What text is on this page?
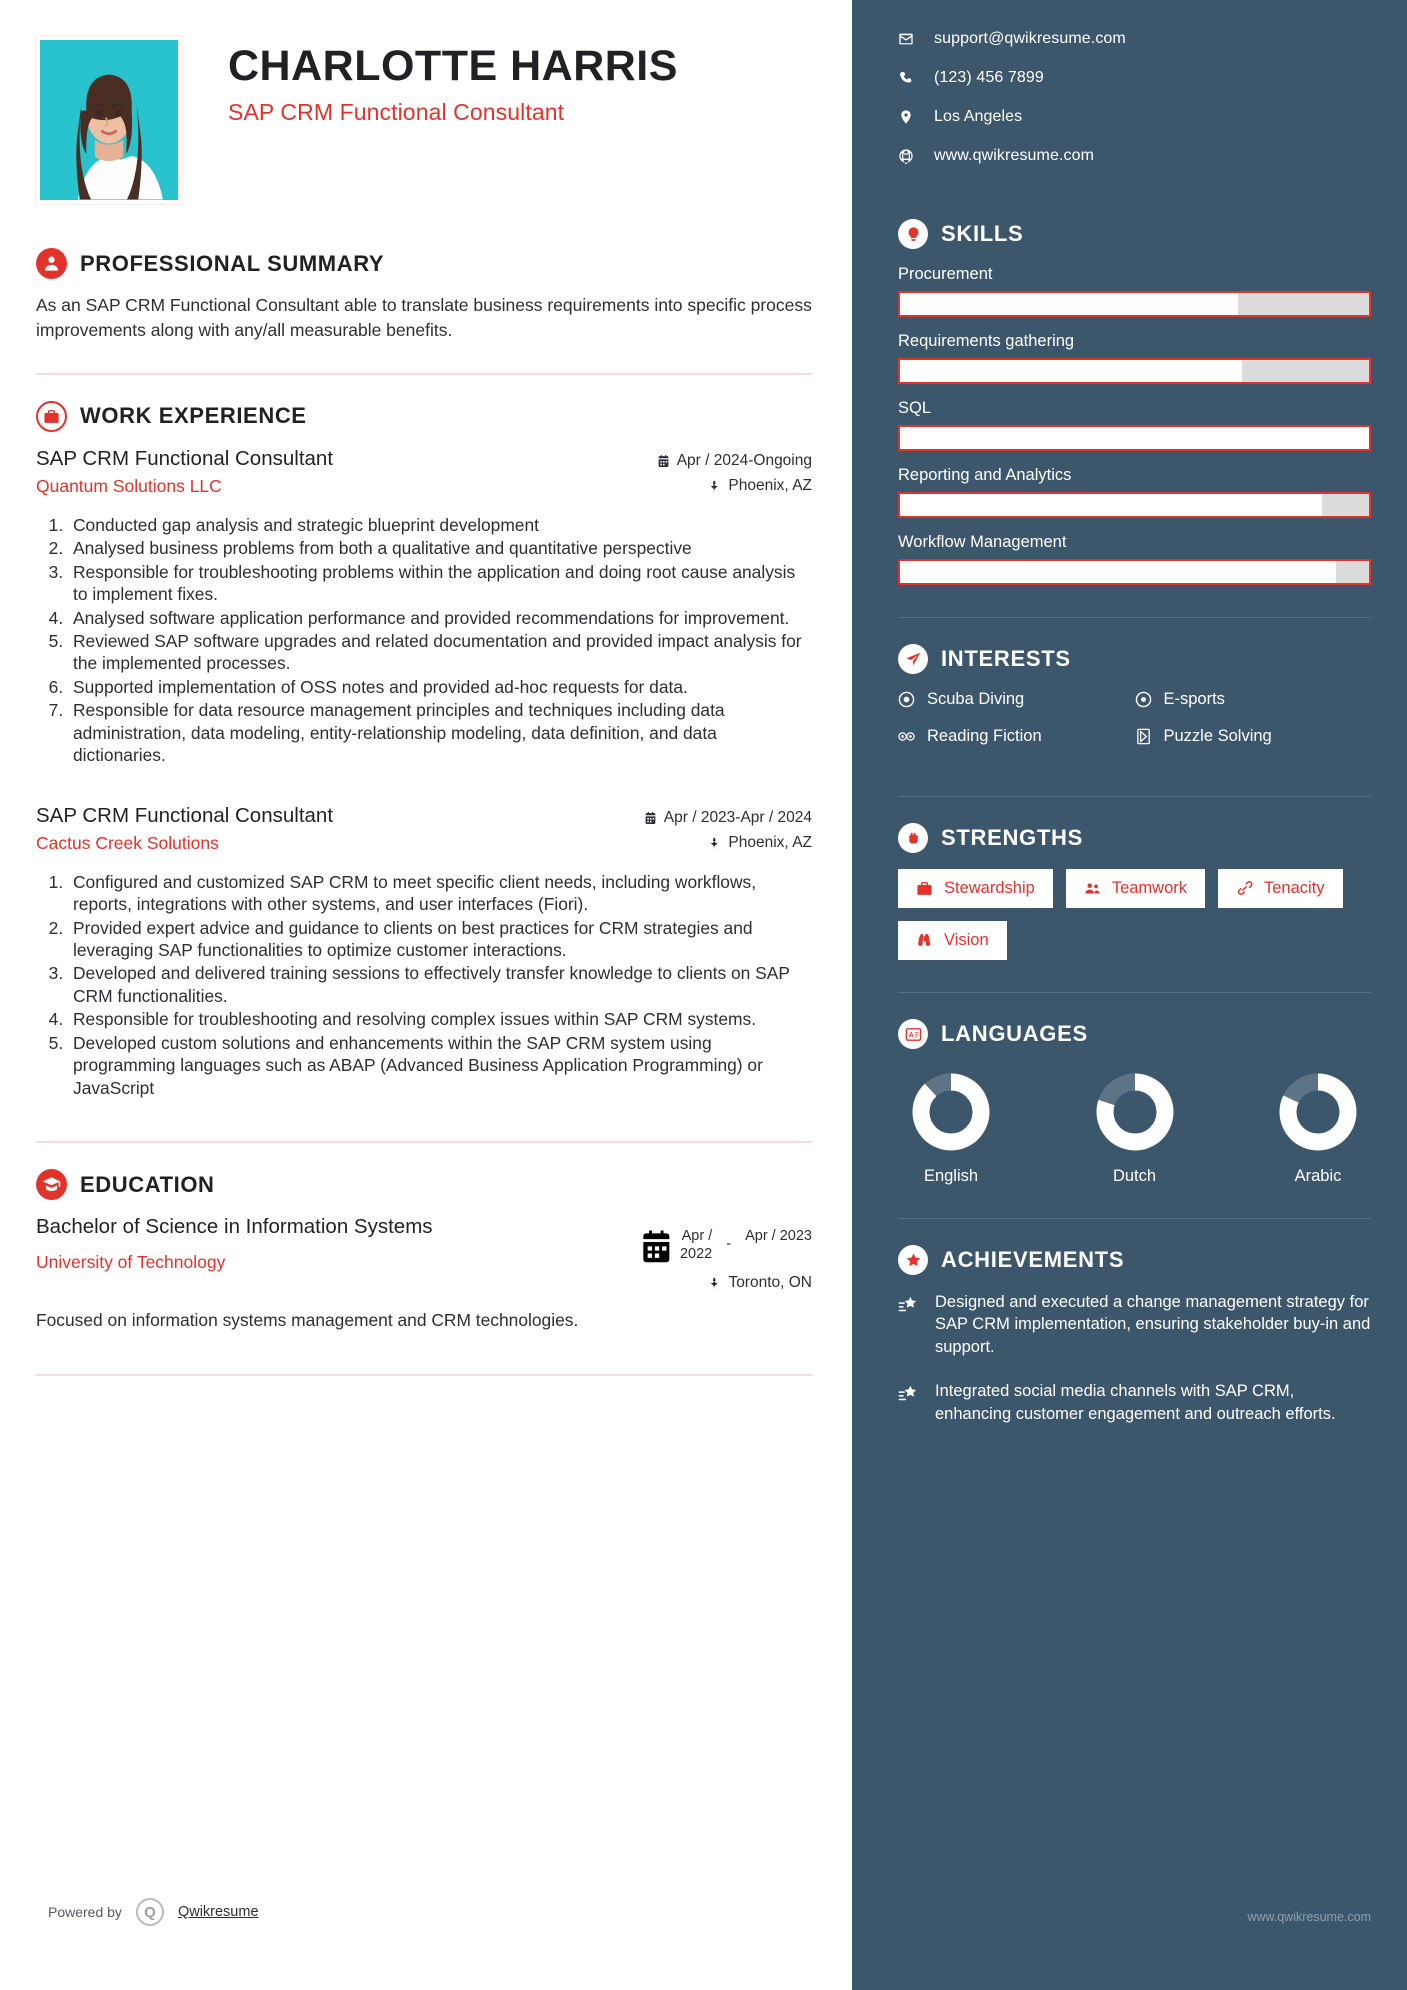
CHARLOTTE HARRIS
SAP CRM Functional Consultant
PROFESSIONAL SUMMARY
As an SAP CRM Functional Consultant able to translate business requirements into specific process improvements along with any/all measurable benefits.
WORK EXPERIENCE
SAP CRM Functional Consultant
Quantum Solutions LLC
Apr / 2024-Ongoing
Phoenix, AZ
1. Conducted gap analysis and strategic blueprint development
2. Analysed business problems from both a qualitative and quantitative perspective
3. Responsible for troubleshooting problems within the application and doing root cause analysis to implement fixes.
4. Analysed software application performance and provided recommendations for improvement.
5. Reviewed SAP software upgrades and related documentation and provided impact analysis for the implemented processes.
6. Supported implementation of OSS notes and provided ad-hoc requests for data.
7. Responsible for data resource management principles and techniques including data administration, data modeling, entity-relationship modeling, data definition, and data dictionaries.
SAP CRM Functional Consultant
Cactus Creek Solutions
Apr / 2023-Apr / 2024
Phoenix, AZ
1. Configured and customized SAP CRM to meet specific client needs, including workflows, reports, integrations with other systems, and user interfaces (Fiori).
2. Provided expert advice and guidance to clients on best practices for CRM strategies and leveraging SAP functionalities to optimize customer interactions.
3. Developed and delivered training sessions to effectively transfer knowledge to clients on SAP CRM functionalities.
4. Responsible for troubleshooting and resolving complex issues within SAP CRM systems.
5. Developed custom solutions and enhancements within the SAP CRM system using programming languages such as ABAP (Advanced Business Application Programming) or JavaScript
EDUCATION
Bachelor of Science in Information Systems
University of Technology
Apr / 2022
- Apr / 2023
Toronto, ON
Focused on information systems management and CRM technologies.
Powered by	Q	Qwikresume
support@qwikresume.com
(123) 456 7899
Los Angeles
www.qwikresume.com
SKILLS
Procurement
Requirements gathering
SQL
Reporting and Analytics
Workflow Management
INTERESTS
Scuba Diving	E-sports
Reading Fiction	Puzzle Solving
STRENGTHS
Stewardship	Teamwork	Tenacity
Vision
LANGUAGES
English	Dutch	Arabic
ACHIEVEMENTS
Designed and executed a change management strategy for SAP CRM implementation, ensuring stakeholder buy-in and support.
Integrated social media channels with SAP CRM, enhancing customer engagement and outreach efforts.
www.qwikresume.com
